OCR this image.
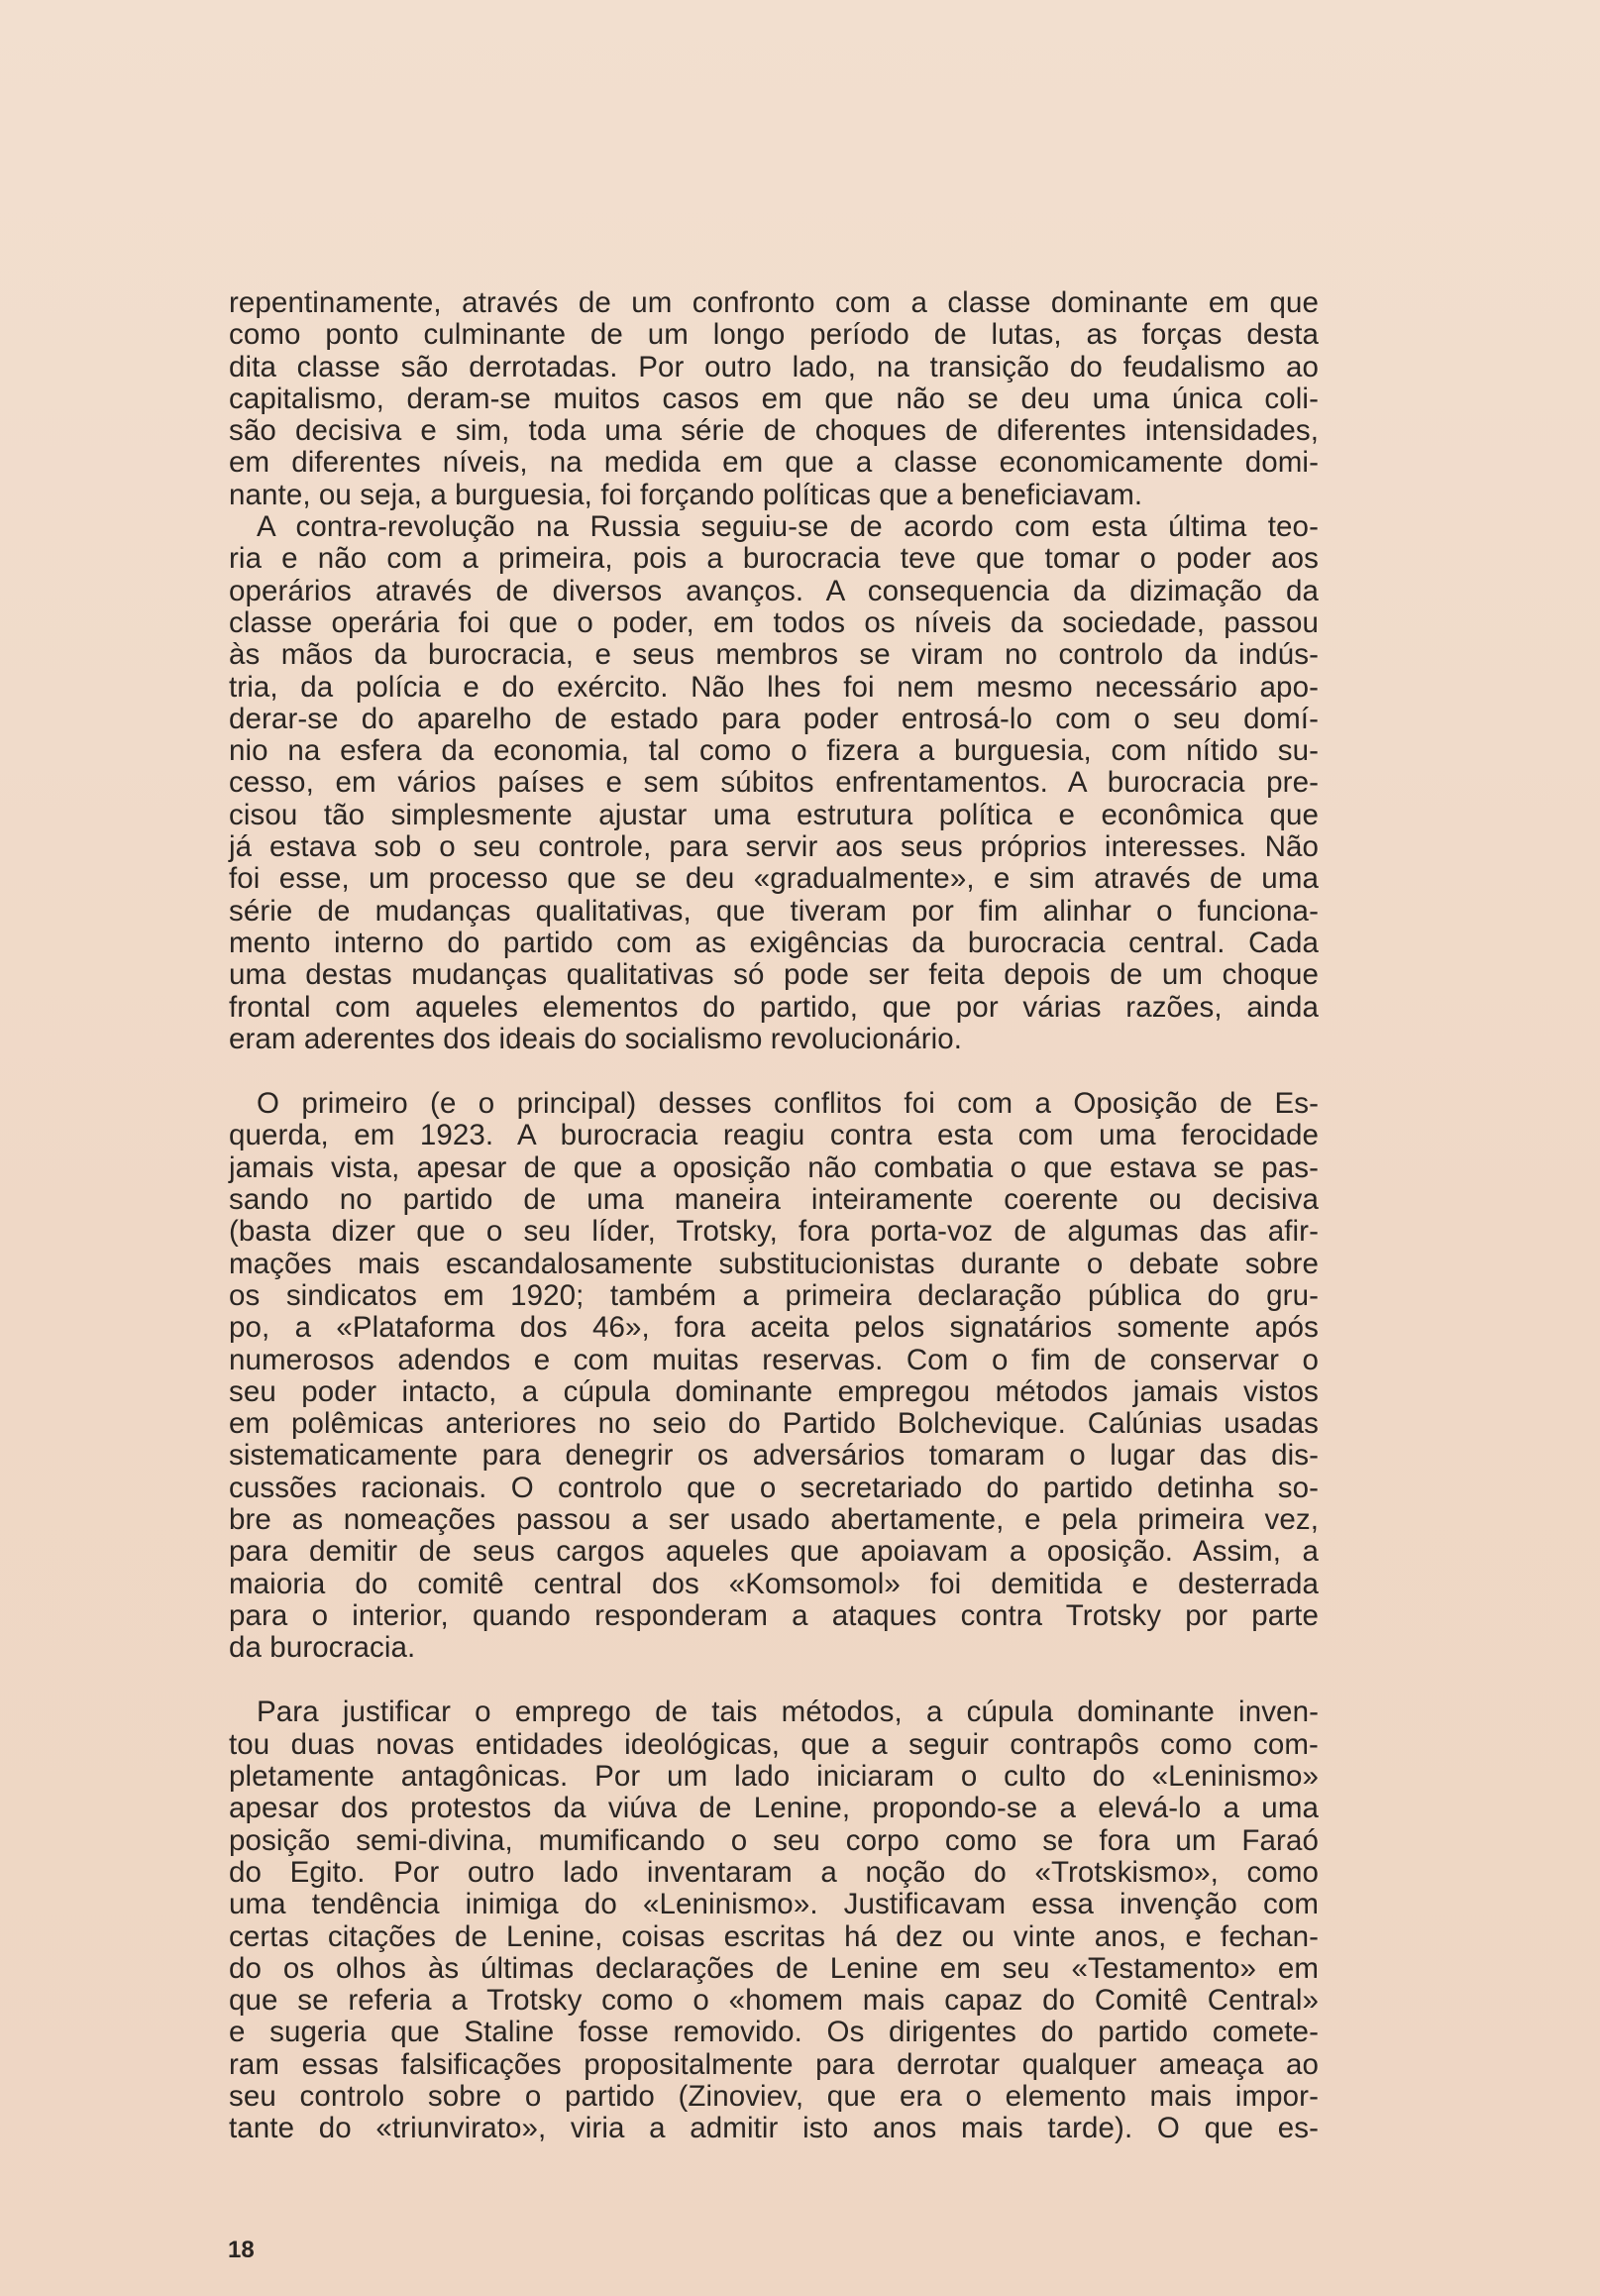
repentinamente, através de um confronto com a classe dominante em que
como ponto culminante de um longo período de lutas, as forças desta
dita classe são derrotadas. Por outro lado, na transição do feudalismo ao
capitalismo, deram-se muitos casos em que não se deu uma única coli-
são decisiva e sim, toda uma série de choques de diferentes intensidades,
em diferentes níveis, na medida em que a classe economicamente domi-
nante, ou seja, a burguesia, foi forçando políticas que a beneficiavam.
A contra-revolução na Russia seguiu-se de acordo com esta última teo-
ria e não com a primeira, pois a burocracia teve que tomar o poder aos
operários através de diversos avanços. A consequencia da dizimação da
classe operária foi que o poder, em todos os níveis da sociedade, passou
às mãos da burocracia, e seus membros se viram no controlo da indús-
tria, da polícia e do exército. Não lhes foi nem mesmo necessário apo-
derar-se do aparelho de estado para poder entrosá-lo com o seu domí-
nio na esfera da economia, tal como o fizera a burguesia, com nítido su-
cesso, em vários países e sem súbitos enfrentamentos. A burocracia pre-
cisou tão simplesmente ajustar uma estrutura política e econômica que
já estava sob o seu controle, para servir aos seus próprios interesses. Não
foi esse, um processo que se deu «gradualmente», e sim através de uma
série de mudanças qualitativas, que tiveram por fim alinhar o funciona-
mento interno do partido com as exigências da burocracia central. Cada
uma destas mudanças qualitativas só pode ser feita depois de um choque
frontal com aqueles elementos do partido, que por várias razões, ainda
eram aderentes dos ideais do socialismo revolucionário.
O primeiro (e o principal) desses conflitos foi com a Oposição de Es-
querda, em 1923. A burocracia reagiu contra esta com uma ferocidade
jamais vista, apesar de que a oposição não combatia o que estava se pas-
sando no partido de uma maneira inteiramente coerente ou decisiva
(basta dizer que o seu líder, Trotsky, fora porta-voz de algumas das afir-
mações mais escandalosamente substitucionistas durante o debate sobre
os sindicatos em 1920; também a primeira declaração pública do gru-
po, a «Plataforma dos 46», fora aceita pelos signatários somente após
numerosos adendos e com muitas reservas. Com o fim de conservar o
seu poder intacto, a cúpula dominante empregou métodos jamais vistos
em polêmicas anteriores no seio do Partido Bolchevique. Calúnias usadas
sistematicamente para denegrir os adversários tomaram o lugar das dis-
cussões racionais. O controlo que o secretariado do partido detinha so-
bre as nomeações passou a ser usado abertamente, e pela primeira vez,
para demitir de seus cargos aqueles que apoiavam a oposição. Assim, a
maioria do comitê central dos «Komsomol» foi demitida e desterrada
para o interior, quando responderam a ataques contra Trotsky por parte
da burocracia.
Para justificar o emprego de tais métodos, a cúpula dominante inven-
tou duas novas entidades ideológicas, que a seguir contrapôs como com-
pletamente antagônicas. Por um lado iniciaram o culto do «Leninismo»
apesar dos protestos da viúva de Lenine, propondo-se a elevá-lo a uma
posição semi-divina, mumificando o seu corpo como se fora um Faraó
do Egito. Por outro lado inventaram a noção do «Trotskismo», como
uma tendência inimiga do «Leninismo». Justificavam essa invenção com
certas citações de Lenine, coisas escritas há dez ou vinte anos, e fechan-
do os olhos às últimas declarações de Lenine em seu «Testamento» em
que se referia a Trotsky como o «homem mais capaz do Comitê Central»
e sugeria que Staline fosse removido. Os dirigentes do partido comete-
ram essas falsificações propositalmente para derrotar qualquer ameaça ao
seu controlo sobre o partido (Zinoviev, que era o elemento mais impor-
tante do «triunvirato», viria a admitir isto anos mais tarde). O que es-
18
